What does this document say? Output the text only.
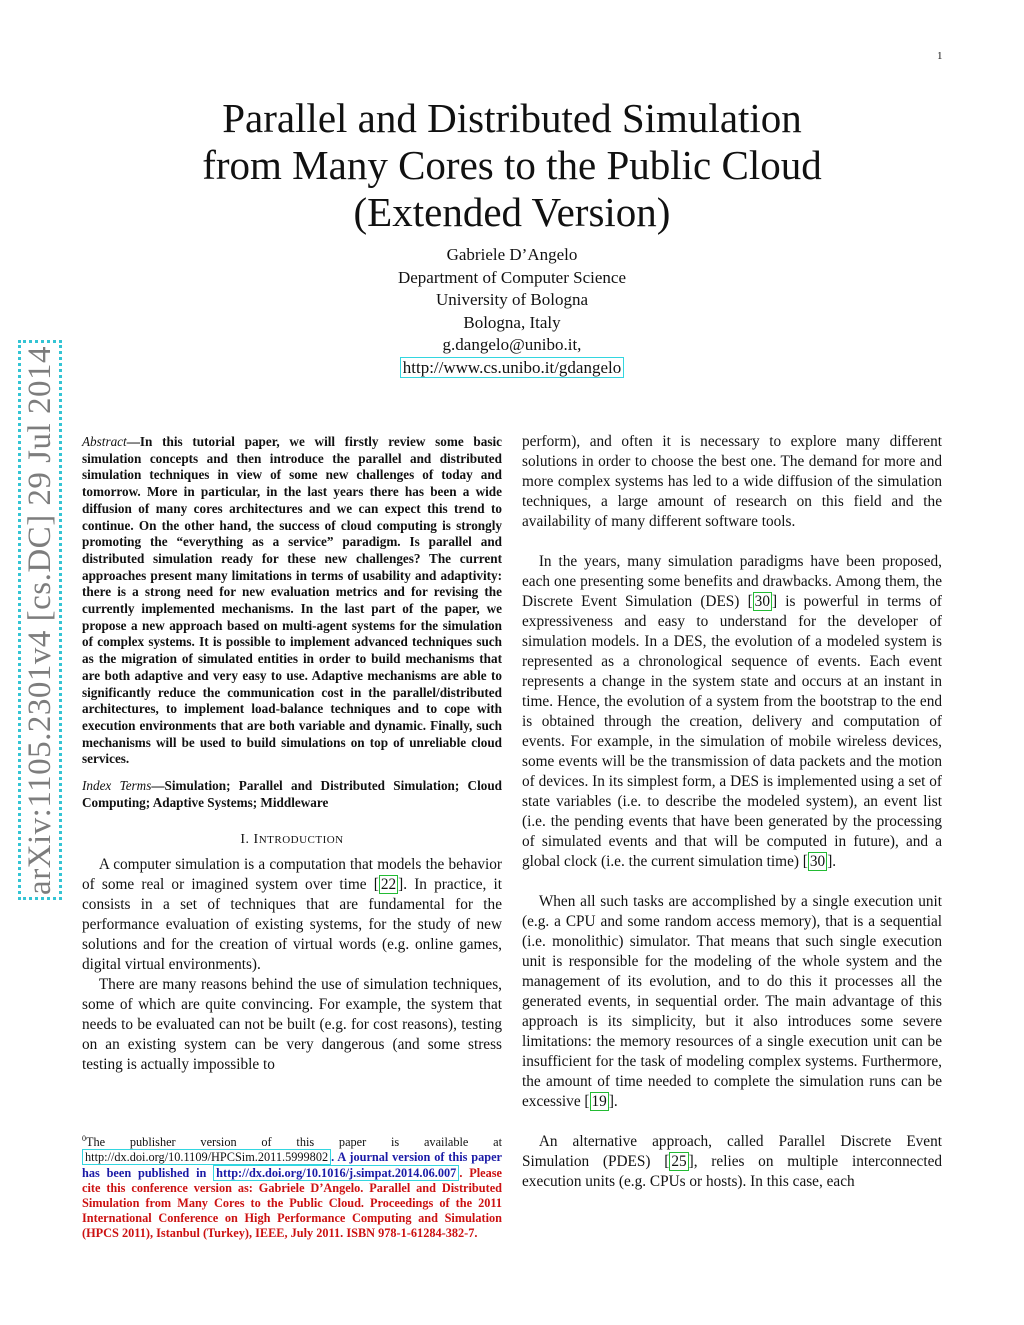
1
arXiv:1105.2301v4 [cs.DC] 29 Jul 2014
Parallel and Distributed Simulation
from Many Cores to the Public Cloud
(Extended Version)
Gabriele D’Angelo
Department of Computer Science
University of Bologna
Bologna, Italy
g.dangelo@unibo.it,
http://www.cs.unibo.it/gdangelo
Abstract—In this tutorial paper, we will firstly review some basic simulation concepts and then introduce the parallel and distributed simulation techniques in view of some new challenges of today and tomorrow. More in particular, in the last years there has been a wide diffusion of many cores architectures and we can expect this trend to continue. On the other hand, the success of cloud computing is strongly promoting the “everything as a service” paradigm. Is parallel and distributed simulation ready for these new challenges? The current approaches present many limitations in terms of usability and adaptivity: there is a strong need for new evaluation metrics and for revising the currently implemented mechanisms. In the last part of the paper, we propose a new approach based on multi-agent systems for the simulation of complex systems. It is possible to implement advanced techniques such as the migration of simulated entities in order to build mechanisms that are both adaptive and very easy to use. Adaptive mechanisms are able to significantly reduce the communication cost in the parallel/distributed architectures, to implement load-balance techniques and to cope with execution environments that are both variable and dynamic. Finally, such mechanisms will be used to build simulations on top of unreliable cloud services.
Index Terms—Simulation; Parallel and Distributed Simulation; Cloud Computing; Adaptive Systems; Middleware
I. INTRODUCTION

A computer simulation is a computation that models the behavior of some real or imagined system over time [ 22 ]. In practice, it consists in a set of techniques that are fundamental for the performance evaluation of existing systems, for the study of new solutions and for the creation of virtual words (e.g. online games, digital virtual environments).

There are many reasons behind the use of simulation techniques, some of which are quite convincing. For example, the system that needs to be evaluated can not be built (e.g. for cost reasons), testing on an existing system can be very dangerous (and some stress testing is actually impossible to

perform), and often it is necessary to explore many different solutions in order to choose the best one. The demand for more and more complex systems has led to a wide diffusion of the simulation techniques, a large amount of research on this field and the availability of many different software tools.

In the years, many simulation paradigms have been proposed, each one presenting some benefits and drawbacks. Among them, the Discrete Event Simulation (DES) [ 30 ] is powerful in terms of expressiveness and easy to understand for the developer of simulation models. In a DES, the evolution of a modeled system is represented as a chronological sequence of events. Each event represents a change in the system state and occurs at an instant in time. Hence, the evolution of a system from the bootstrap to the end is obtained through the creation, delivery and computation of events. For example, in the simulation of mobile wireless devices, some events will be the transmission of data packets and the motion of devices. In its simplest form, a DES is implemented using a set of state variables (i.e. to describe the modeled system), an event list (i.e. the pending events that have been generated by the processing of simulated events and that will be computed in future), and a global clock (i.e. the current simulation time) [ 30 ].

When all such tasks are accomplished by a single execution unit (e.g. a CPU and some random access memory), that is a sequential (i.e. monolithic) simulator. That means that such single execution unit is responsible for the modeling of the whole system and the management of its evolution, and to do this it processes all the generated events, in sequential order. The main advantage of this approach is its simplicity, but it also introduces some severe limitations: the memory resources of a single execution unit can be insufficient for the task of modeling complex systems. Furthermore, the amount of time needed to complete the simulation runs can be excessive [ 19 ].

An alternative approach, called Parallel Discrete Event Simulation (PDES) [ 25 ], relies on multiple interconnected execution units (e.g. CPUs or hosts). In this case, each

$^0$The publisher version of this paper is available at http://dx.doi.org/10.1109/HPCSim.2011.5999802 . A journal version of this paper has been published in http://dx.doi.org/10.1016/j.simpat.2014.06.007 . Please cite this conference version as: Gabriele D’Angelo. Parallel and Distributed Simulation from Many Cores to the Public Cloud. Proceedings of the 2011 International Conference on High Performance Computing and Simulation (HPCS 2011), Istanbul (Turkey), IEEE, July 2011. ISBN 978-1-61284-382-7.
